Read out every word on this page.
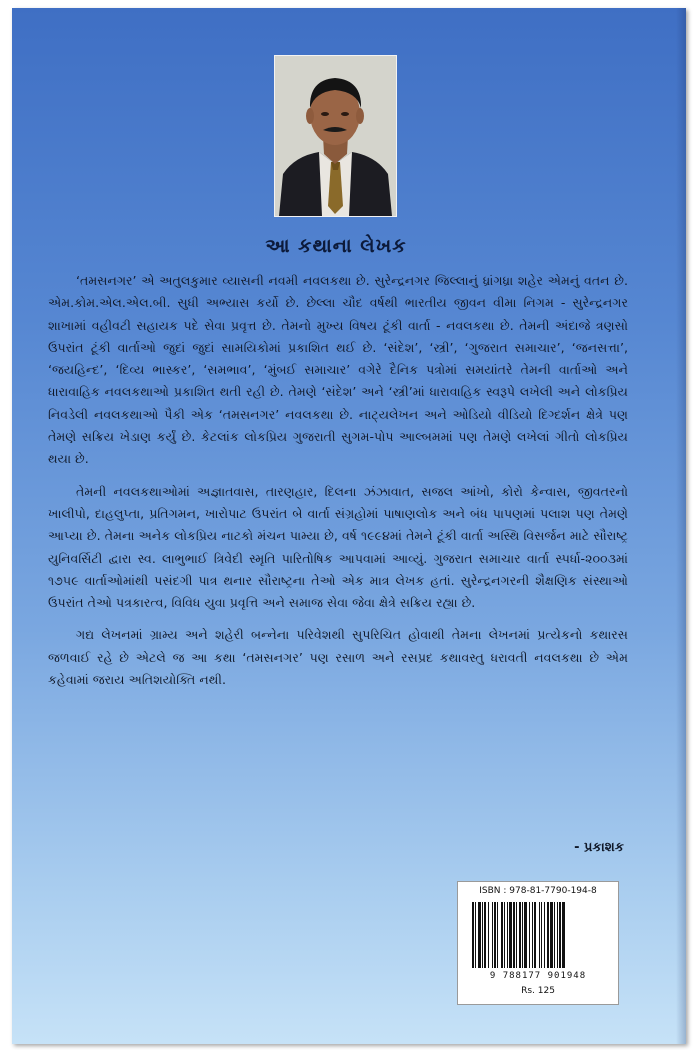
આ કથાના લેખક

‘તમસનગર’ એ અતુલકુમાર વ્યાસની નવમી નવલકથા છે. સુરેન્દ્રનગર જિલ્લાનું ધ્રાંગધ્રા શહેર એમનું વતન છે. એમ.કોમ.એલ.એલ.બી. સુધી અભ્યાસ કર્યો છે. છેલ્લા ચૌદ વર્ષથી ભારતીય જીવન વીમા નિગમ - સુરેન્દ્રનગર શાખામાં વહીવટી સહાયક પદે સેવા પ્રવૃત્ત છે. તેમનો મુખ્ય વિષય ટૂંકી વાર્તા - નવલકથા છે. તેમની અંદાજે ત્રણસો ઉપરાંત ટૂંકી વાર્તાઓ જુદાં જુદાં સામયિકોમાં પ્રકાશિત થઈ છે. ‘સંદેશ’, ‘સ્ત્રી’, ‘ગુજરાત સમાચાર’, ‘જનસત્તા’, ‘જયહિન્દ’, ‘દિવ્ય ભાસ્કર’, ‘સમભાવ’, ‘મુંબઈ સમાચાર’ વગેરે દૈનિક પત્રોમાં સમયાંતરે તેમની વાર્તાઓ અને ધારાવાહિક નવલકથાઓ પ્રકાશિત થતી રહી છે. તેમણે ‘સંદેશ’ અને ‘સ્ત્રી’માં ધારાવાહિક સ્વરૂપે લખેલી અને લોકપ્રિય નિવડેલી નવલકથાઓ પૈકી એક ‘તમસનગર’ નવલકથા છે. નાટ્યલેખન અને ઓડિયો વીડિયો દિગ્દર્શન ક્ષેત્રે પણ તેમણે સક્રિય ખેડાણ કર્યું છે. કેટલાંક લોકપ્રિય ગુજરાતી સુગમ-પોપ આલ્બમમાં પણ તેમણે લખેલાં ગીતો લોકપ્રિય થયા છે.

તેમની નવલકથાઓમાં અજ્ઞાતવાસ, તારણહાર, દિલના ઝંઝાવાત, સજલ આંખો, કોરો કેન્વાસ, જીવતરનો ખાલીપો, દાહલુપ્તા, પ્રતિગમન, ખારોપાટ ઉપરાંત બે વાર્તા સંગ્રહોમાં પાષાણલોક અને બંધ પાપણમાં પલાશ પણ તેમણે આપ્યા છે. તેમના અનેક લોકપ્રિય નાટકો મંચન પામ્યા છે, વર્ષ ૧૯૯૪માં તેમને ટૂંકી વાર્તા અસ્થિ વિસર્જન માટે સૌરાષ્ટ્ર યુનિવર્સિટી દ્વારા સ્વ. લાભુભાઈ ત્રિવેદી સ્મૃતિ પારિતોષિક આપવામાં આવ્યું. ગુજરાત સમાચાર વાર્તા સ્પર્ધા-૨૦૦૩માં ૧૭૫૯ વાર્તાઓમાંથી પસંદગી પાત્ર થનાર સૌરાષ્ટ્રના તેઓ એક માત્ર લેખક હતાં. સુરેન્દ્રનગરની શૈક્ષણિક સંસ્થાઓ ઉપરાંત તેઓ પત્રકારત્વ, વિવિધ યુવા પ્રવૃત્તિ અને સમાજ સેવા જેવા ક્ષેત્રે સક્રિય રહ્યા છે.

ગદ્ય લેખનમાં ગ્રામ્ય અને શહેરી બન્નેના પરિવેશથી સુપરિચિત હોવાથી તેમના લેખનમાં પ્રત્યેકનો કથારસ જળવાઈ રહે છે એટલે જ આ કથા ‘તમસનગર’ પણ રસાળ અને રસપ્રદ કથાવસ્તુ ધરાવતી નવલકથા છે એમ કહેવામાં જરાય અતિશયોક્તિ નથી.

- પ્રકાશક
ISBN : 978-81-7790-194-8
9 788177 901948
Rs. 125
